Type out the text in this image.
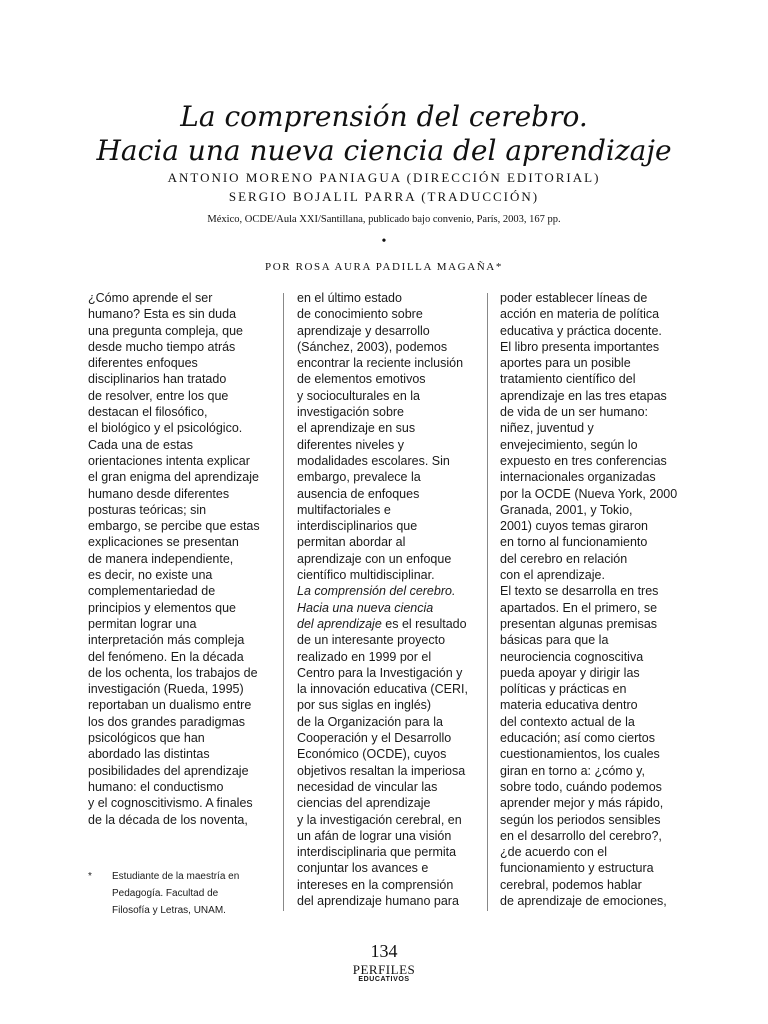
La comprensión del cerebro.
Hacia una nueva ciencia del aprendizaje
ANTONIO MORENO PANIAGUA (DIRECCIÓN EDITORIAL)
SERGIO BOJALIL PARRA (TRADUCCIÓN)
México, OCDE/Aula XXI/Santillana, publicado bajo convenio, París, 2003, 167 pp.
•
POR ROSA AURA PADILLA MAGAÑA*
¿Cómo aprende el ser
humano? Esta es sin duda
una pregunta compleja, que
desde mucho tiempo atrás
diferentes enfoques
disciplinarios han tratado
de resolver, entre los que
destacan el filosófico,
el biológico y el psicológico.
Cada una de estas
orientaciones intenta explicar
el gran enigma del aprendizaje
humano desde diferentes
posturas teóricas; sin
embargo, se percibe que estas
explicaciones se presentan
de manera independiente,
es decir, no existe una
complementariedad de
principios y elementos que
permitan lograr una
interpretación más compleja
del fenómeno. En la década
de los ochenta, los trabajos de
investigación (Rueda, 1995)
reportaban un dualismo entre
los dos grandes paradigmas
psicológicos que han
abordado las distintas
posibilidades del aprendizaje
humano: el conductismo
y el cognoscitivismo. A finales
de la década de los noventa,
en el último estado
de conocimiento sobre
aprendizaje y desarrollo
(Sánchez, 2003), podemos
encontrar la reciente inclusión
de elementos emotivos
y socioculturales en la
investigación sobre
el aprendizaje en sus
diferentes niveles y
modalidades escolares. Sin
embargo, prevalece la
ausencia de enfoques
multifactoriales e
interdisciplinarios que
permitan abordar al
aprendizaje con un enfoque
científico multidisciplinar.
La comprensión del cerebro.
Hacia una nueva ciencia
del aprendizaje es el resultado
de un interesante proyecto
realizado en 1999 por el
Centro para la Investigación y
la innovación educativa (CERI,
por sus siglas en inglés)
de la Organización para la
Cooperación y el Desarrollo
Económico (OCDE), cuyos
objetivos resaltan la imperiosa
necesidad de vincular las
ciencias del aprendizaje
y la investigación cerebral, en
un afán de lograr una visión
interdisciplinaria que permita
conjuntar los avances e
intereses en la comprensión
del aprendizaje humano para
poder establecer líneas de
acción en materia de política
educativa y práctica docente.
El libro presenta importantes
aportes para un posible
tratamiento científico del
aprendizaje en las tres etapas
de vida de un ser humano:
niñez, juventud y
envejecimiento, según lo
expuesto en tres conferencias
internacionales organizadas
por la OCDE (Nueva York, 2000
Granada, 2001, y Tokio,
2001) cuyos temas giraron
en torno al funcionamiento
del cerebro en relación
con el aprendizaje.
El texto se desarrolla en tres
apartados. En el primero, se
presentan algunas premisas
básicas para que la
neurociencia cognoscitiva
pueda apoyar y dirigir las
políticas y prácticas en
materia educativa dentro
del contexto actual de la
educación; así como ciertos
cuestionamientos, los cuales
giran en torno a: ¿cómo y,
sobre todo, cuándo podemos
aprender mejor y más rápido,
según los periodos sensibles
en el desarrollo del cerebro?,
¿de acuerdo con el
funcionamiento y estructura
cerebral, podemos hablar
de aprendizaje de emociones,
* Estudiante de la maestría en
Pedagogía. Facultad de
Filosofía y Letras, UNAM.
134
PERFILES
EDUCATIVOS
